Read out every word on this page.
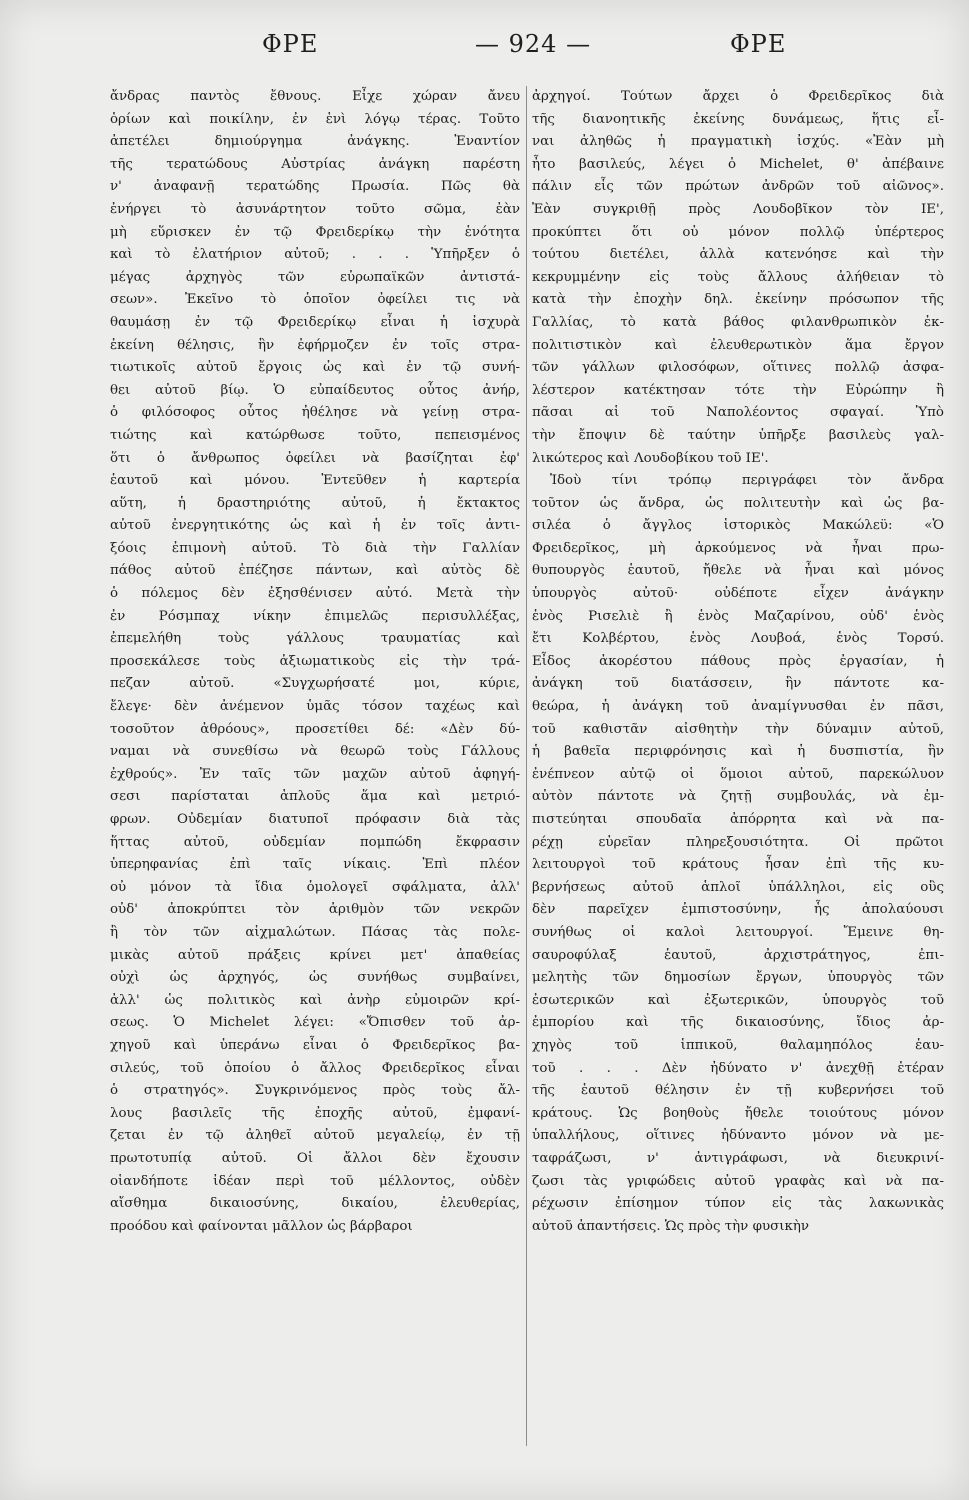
ΦΡΕ	— 924 —	ΦΡΕ
ἄνδρας παντὸς ἔθνους. Εἶχε χώραν ἄνευ
ὁρίων καὶ ποικίλην, ἐν ἑνὶ λόγῳ τέρας. Τοῦτο
ἀπετέλει δημιούργημα ἀνάγκης. Ἐναντίον
τῆς τερατώδους Αὐστρίας ἀνάγκη παρέστη
ν' ἀναφανῇ τερατώδης Πρωσία. Πῶς θὰ
ἐνήργει τὸ ἀσυνάρτητον τοῦτο σῶμα, ἐὰν
μὴ εὕρισκεν ἐν τῷ Φρειδερίκῳ τὴν ἑνότητα
καὶ τὸ ἐλατήριον αὐτοῦ; . . . Ὑπῆρξεν ὁ
μέγας ἀρχηγὸς τῶν εὐρωπαϊκῶν ἀντιστά-
σεων». Ἐκεῖνο τὸ ὁποῖον ὀφείλει τις νὰ
θαυμάσῃ ἐν τῷ Φρειδερίκῳ εἶναι ἡ ἰσχυρὰ
ἐκείνη θέλησις, ἣν ἐφήρμοζεν ἐν τοῖς στρα-
τιωτικοῖς αὐτοῦ ἔργοις ὡς καὶ ἐν τῷ συνή-
θει αὐτοῦ βίῳ. Ὁ εὐπαίδευτος οὗτος ἀνήρ,
ὁ φιλόσοφος οὗτος ἠθέλησε νὰ γείνῃ στρα-
τιώτης καὶ κατώρθωσε τοῦτο, πεπεισμένος
ὅτι ὁ ἄνθρωπος ὀφείλει νὰ βασίζηται ἐφ'
ἑαυτοῦ καὶ μόνου. Ἐντεῦθεν ἡ καρτερία
αὕτη, ἡ δραστηριότης αὐτοῦ, ἡ ἔκτακτος
αὐτοῦ ἐνεργητικότης ὡς καὶ ἡ ἐν τοῖς ἀντι-
ξόοις ἐπιμονὴ αὐτοῦ. Τὸ διὰ τὴν Γαλλίαν
πάθος αὐτοῦ ἐπέζησε πάντων, καὶ αὐτὸς δὲ
ὁ πόλεμος δὲν ἐξησθένισεν αὐτό. Μετὰ τὴν
ἐν Ρόσμπαχ νίκην ἐπιμελῶς περισυλλέξας,
ἐπεμελήθη τοὺς γάλλους τραυματίας καὶ
προσεκάλεσε τοὺς ἀξιωματικοὺς εἰς τὴν τρά-
πεζαν αὐτοῦ. «Συγχωρήσατέ μοι, κύριε,
ἔλεγε· δὲν ἀνέμενον ὑμᾶς τόσον ταχέως καὶ
τοσοῦτον ἀθρόους», προσετίθει δέ: «Δὲν δύ-
ναμαι νὰ συνεθίσω νὰ θεωρῶ τοὺς Γάλλους
ἐχθρούς». Ἐν ταῖς τῶν μαχῶν αὐτοῦ ἀφηγή-
σεσι παρίσταται ἁπλοῦς ἅμα καὶ μετριό-
φρων. Οὐδεμίαν διατυποῖ πρόφασιν διὰ τὰς
ἥττας αὐτοῦ, οὐδεμίαν πομπώδη ἔκφρασιν
ὑπερηφανίας ἐπὶ ταῖς νίκαις. Ἐπὶ πλέον
οὐ μόνον τὰ ἴδια ὁμολογεῖ σφάλματα, ἀλλ'
οὐδ' ἀποκρύπτει τὸν ἀριθμὸν τῶν νεκρῶν
ἢ τὸν τῶν αἰχμαλώτων. Πάσας τὰς πολε-
μικὰς αὐτοῦ πράξεις κρίνει μετ' ἀπαθείας
οὐχὶ ὡς ἀρχηγός, ὡς συνήθως συμβαίνει,
ἀλλ' ὡς πολιτικὸς καὶ ἀνὴρ εὐμοιρῶν κρί-
σεως. Ὁ Michelet λέγει: «Ὄπισθεν τοῦ ἀρ-
χηγοῦ καὶ ὑπεράνω εἶναι ὁ Φρειδερῖκος βα-
σιλεύς, τοῦ ὁποίου ὁ ἄλλος Φρειδερῖκος εἶναι
ὁ στρατηγός». Συγκρινόμενος πρὸς τοὺς ἄλ-
λους βασιλεῖς τῆς ἐποχῆς αὐτοῦ, ἐμφανί-
ζεται ἐν τῷ ἀληθεῖ αὐτοῦ μεγαλείῳ, ἐν τῇ
πρωτοτυπίᾳ αὐτοῦ. Οἱ ἄλλοι δὲν ἔχουσιν
οἱανδήποτε ἰδέαν περὶ τοῦ μέλλοντος, οὐδὲν
αἴσθημα δικαιοσύνης, δικαίου, ἐλευθερίας,
προόδου καὶ φαίνονται μᾶλλον ὡς βάρβαροι
ἀρχηγοί. Τούτων ἄρχει ὁ Φρειδερῖκος διὰ
τῆς διανοητικῆς ἐκείνης δυνάμεως, ἥτις εἶ-
ναι ἀληθῶς ἡ πραγματικὴ ἰσχύς. «Ἐὰν μὴ
ἦτο βασιλεύς, λέγει ὁ Michelet, θ' ἀπέβαινε
πάλιν εἷς τῶν πρώτων ἀνδρῶν τοῦ αἰῶνος».
Ἐὰν συγκριθῇ πρὸς Λουδοβῖκον τὸν ΙΕ',
προκύπτει ὅτι οὐ μόνον πολλῷ ὑπέρτερος
τούτου διετέλει, ἀλλὰ κατενόησε καὶ τὴν
κεκρυμμένην εἰς τοὺς ἄλλους ἀλήθειαν τὸ
κατὰ τὴν ἐποχὴν δηλ. ἐκείνην πρόσωπον τῆς
Γαλλίας, τὸ κατὰ βάθος φιλανθρωπικὸν ἐκ-
πολιτιστικὸν καὶ ἐλευθερωτικὸν ἅμα ἔργον
τῶν γάλλων φιλοσόφων, οἵτινες πολλῷ ἀσφα-
λέστερον κατέκτησαν τότε τὴν Εὐρώπην ἢ
πᾶσαι αἱ τοῦ Ναπολέοντος σφαγαί. Ὑπὸ
τὴν ἔποψιν δὲ ταύτην ὑπῆρξε βασιλεὺς γαλ-
λικώτερος καὶ Λουδοβίκου τοῦ ΙΕ'.
Ἰδοὺ τίνι τρόπῳ περιγράφει τὸν ἄνδρα
τοῦτον ὡς ἄνδρα, ὡς πολιτευτὴν καὶ ὡς βα-
σιλέα ὁ ἄγγλος ἱστορικὸς Μακώλεϋ: «Ὁ
Φρειδερῖκος, μὴ ἀρκούμενος νὰ ἦναι πρω-
θυπουργὸς ἑαυτοῦ, ἤθελε νὰ ἦναι καὶ μόνος
ὑπουργὸς αὐτοῦ· οὐδέποτε εἶχεν ἀνάγκην
ἑνὸς Ρισελιὲ ἢ ἑνὸς Μαζαρίνου, οὐδ' ἑνὸς
ἔτι Κολβέρτου, ἑνὸς Λουβοά, ἑνὸς Τορσύ.
Εἶδος ἀκορέστου πάθους πρὸς ἐργασίαν, ἡ
ἀνάγκη τοῦ διατάσσειν, ἣν πάντοτε κα-
θεώρα, ἡ ἀνάγκη τοῦ ἀναμίγνυσθαι ἐν πᾶσι,
τοῦ καθιστᾶν αἰσθητὴν τὴν δύναμιν αὐτοῦ,
ἡ βαθεῖα περιφρόνησις καὶ ἡ δυσπιστία, ἣν
ἐνέπνεον αὐτῷ οἱ ὅμοιοι αὐτοῦ, παρεκώλυον
αὐτὸν πάντοτε νὰ ζητῇ συμβουλάς, νὰ ἐμ-
πιστεύηται σπουδαῖα ἀπόρρητα καὶ νὰ πα-
ρέχῃ εὐρεῖαν πληρεξουσιότητα. Οἱ πρῶτοι
λειτουργοὶ τοῦ κράτους ἦσαν ἐπὶ τῆς κυ-
βερνήσεως αὐτοῦ ἁπλοῖ ὑπάλληλοι, εἰς οὓς
δὲν παρεῖχεν ἐμπιστοσύνην, ἧς ἀπολαύουσι
συνήθως οἱ καλοὶ λειτουργοί. Ἔμεινε θη-
σαυροφύλαξ ἑαυτοῦ, ἀρχιστράτηγος, ἐπι-
μελητὴς τῶν δημοσίων ἔργων, ὑπουργὸς τῶν
ἐσωτερικῶν καὶ ἐξωτερικῶν, ὑπουργὸς τοῦ
ἐμπορίου καὶ τῆς δικαιοσύνης, ἴδιος ἀρ-
χηγὸς τοῦ ἱππικοῦ, θαλαμηπόλος ἑαυ-
τοῦ . . . Δὲν ἠδύνατο ν' ἀνεχθῇ ἑτέραν
τῆς ἑαυτοῦ θέλησιν ἐν τῇ κυβερνήσει τοῦ
κράτους. Ὡς βοηθοὺς ἤθελε τοιούτους μόνον
ὑπαλλήλους, οἵτινες ἠδύναντο μόνον νὰ με-
ταφράζωσι, ν' ἀντιγράφωσι, νὰ διευκρινί-
ζωσι τὰς γριφώδεις αὐτοῦ γραφὰς καὶ νὰ πα-
ρέχωσιν ἐπίσημον τύπον εἰς τὰς λακωνικὰς
αὐτοῦ ἀπαντήσεις. Ὡς πρὸς τὴν φυσικὴν
